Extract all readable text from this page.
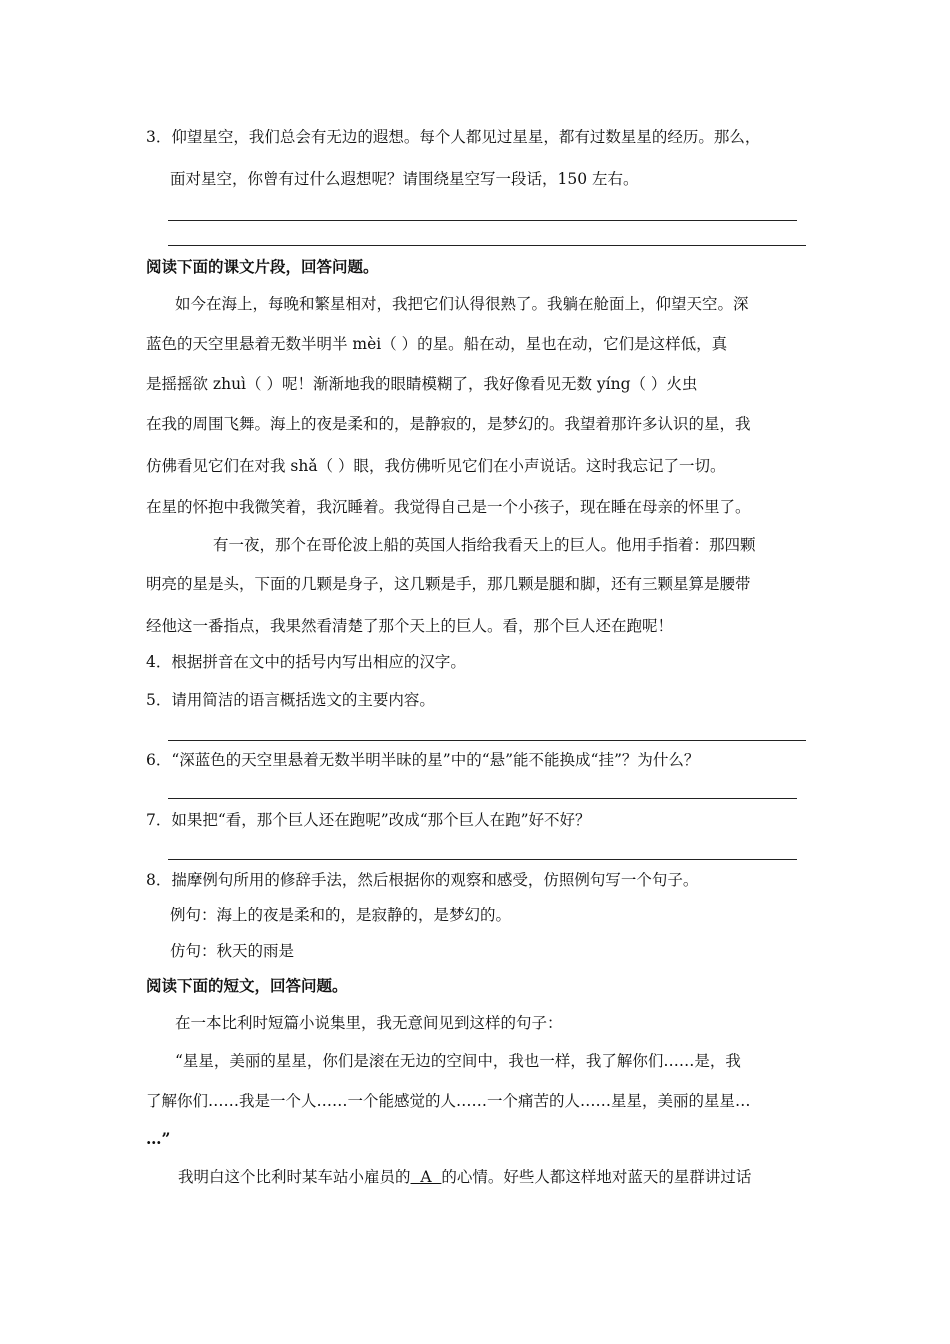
3．仰望星空，我们总会有无边的遐想。每个人都见过星星，都有过数星星的经历。那么，
面对星空，你曾有过什么遐想呢？请围绕星空写一段话，150 左右。
阅读下面的课文片段，回答问题。
如今在海上，每晚和繁星相对，我把它们认得很熟了。我躺在舱面上，仰望天空。深
蓝色的天空里悬着无数半明半 mèi（ ）的星。船在动，星也在动，它们是这样低，真
是摇摇欲 zhuì（ ）呢！渐渐地我的眼睛模糊了，我好像看见无数 yíng（ ）火虫
在我的周围飞舞。海上的夜是柔和的，是静寂的，是梦幻的。我望着那许多认识的星，我
仿佛看见它们在对我 shǎ（ ）眼，我仿佛听见它们在小声说话。这时我忘记了一切。
在星的怀抱中我微笑着，我沉睡着。我觉得自己是一个小孩子，现在睡在母亲的怀里了。
有一夜，那个在哥伦波上船的英国人指给我看天上的巨人。他用手指着：那四颗
明亮的星是头，下面的几颗是身子，这几颗是手，那几颗是腿和脚，还有三颗星算是腰带
经他这一番指点，我果然看清楚了那个天上的巨人。看，那个巨人还在跑呢！
4．根据拼音在文中的括号内写出相应的汉字。
5．请用简洁的语言概括选文的主要内容。
6．“深蓝色的天空里悬着无数半明半昧的星”中的“悬”能不能换成“挂”？为什么？
7．如果把“看，那个巨人还在跑呢”改成“那个巨人在跑”好不好？
8．揣摩例句所用的修辞手法，然后根据你的观察和感受，仿照例句写一个句子。
例句：海上的夜是柔和的，是寂静的，是梦幻的。
仿句：秋天的雨是
阅读下面的短文，回答问题。
在一本比利时短篇小说集里，我无意间见到这样的句子：
“星星，美丽的星星，你们是滚在无边的空间中，我也一样，我了解你们……是，我
了解你们……我是一个人……一个能感觉的人……一个痛苦的人……星星，美丽的星星…
…”
我明白这个比利时某车站小雇员的  A  的心情。好些人都这样地对蓝天的星群讲过话
